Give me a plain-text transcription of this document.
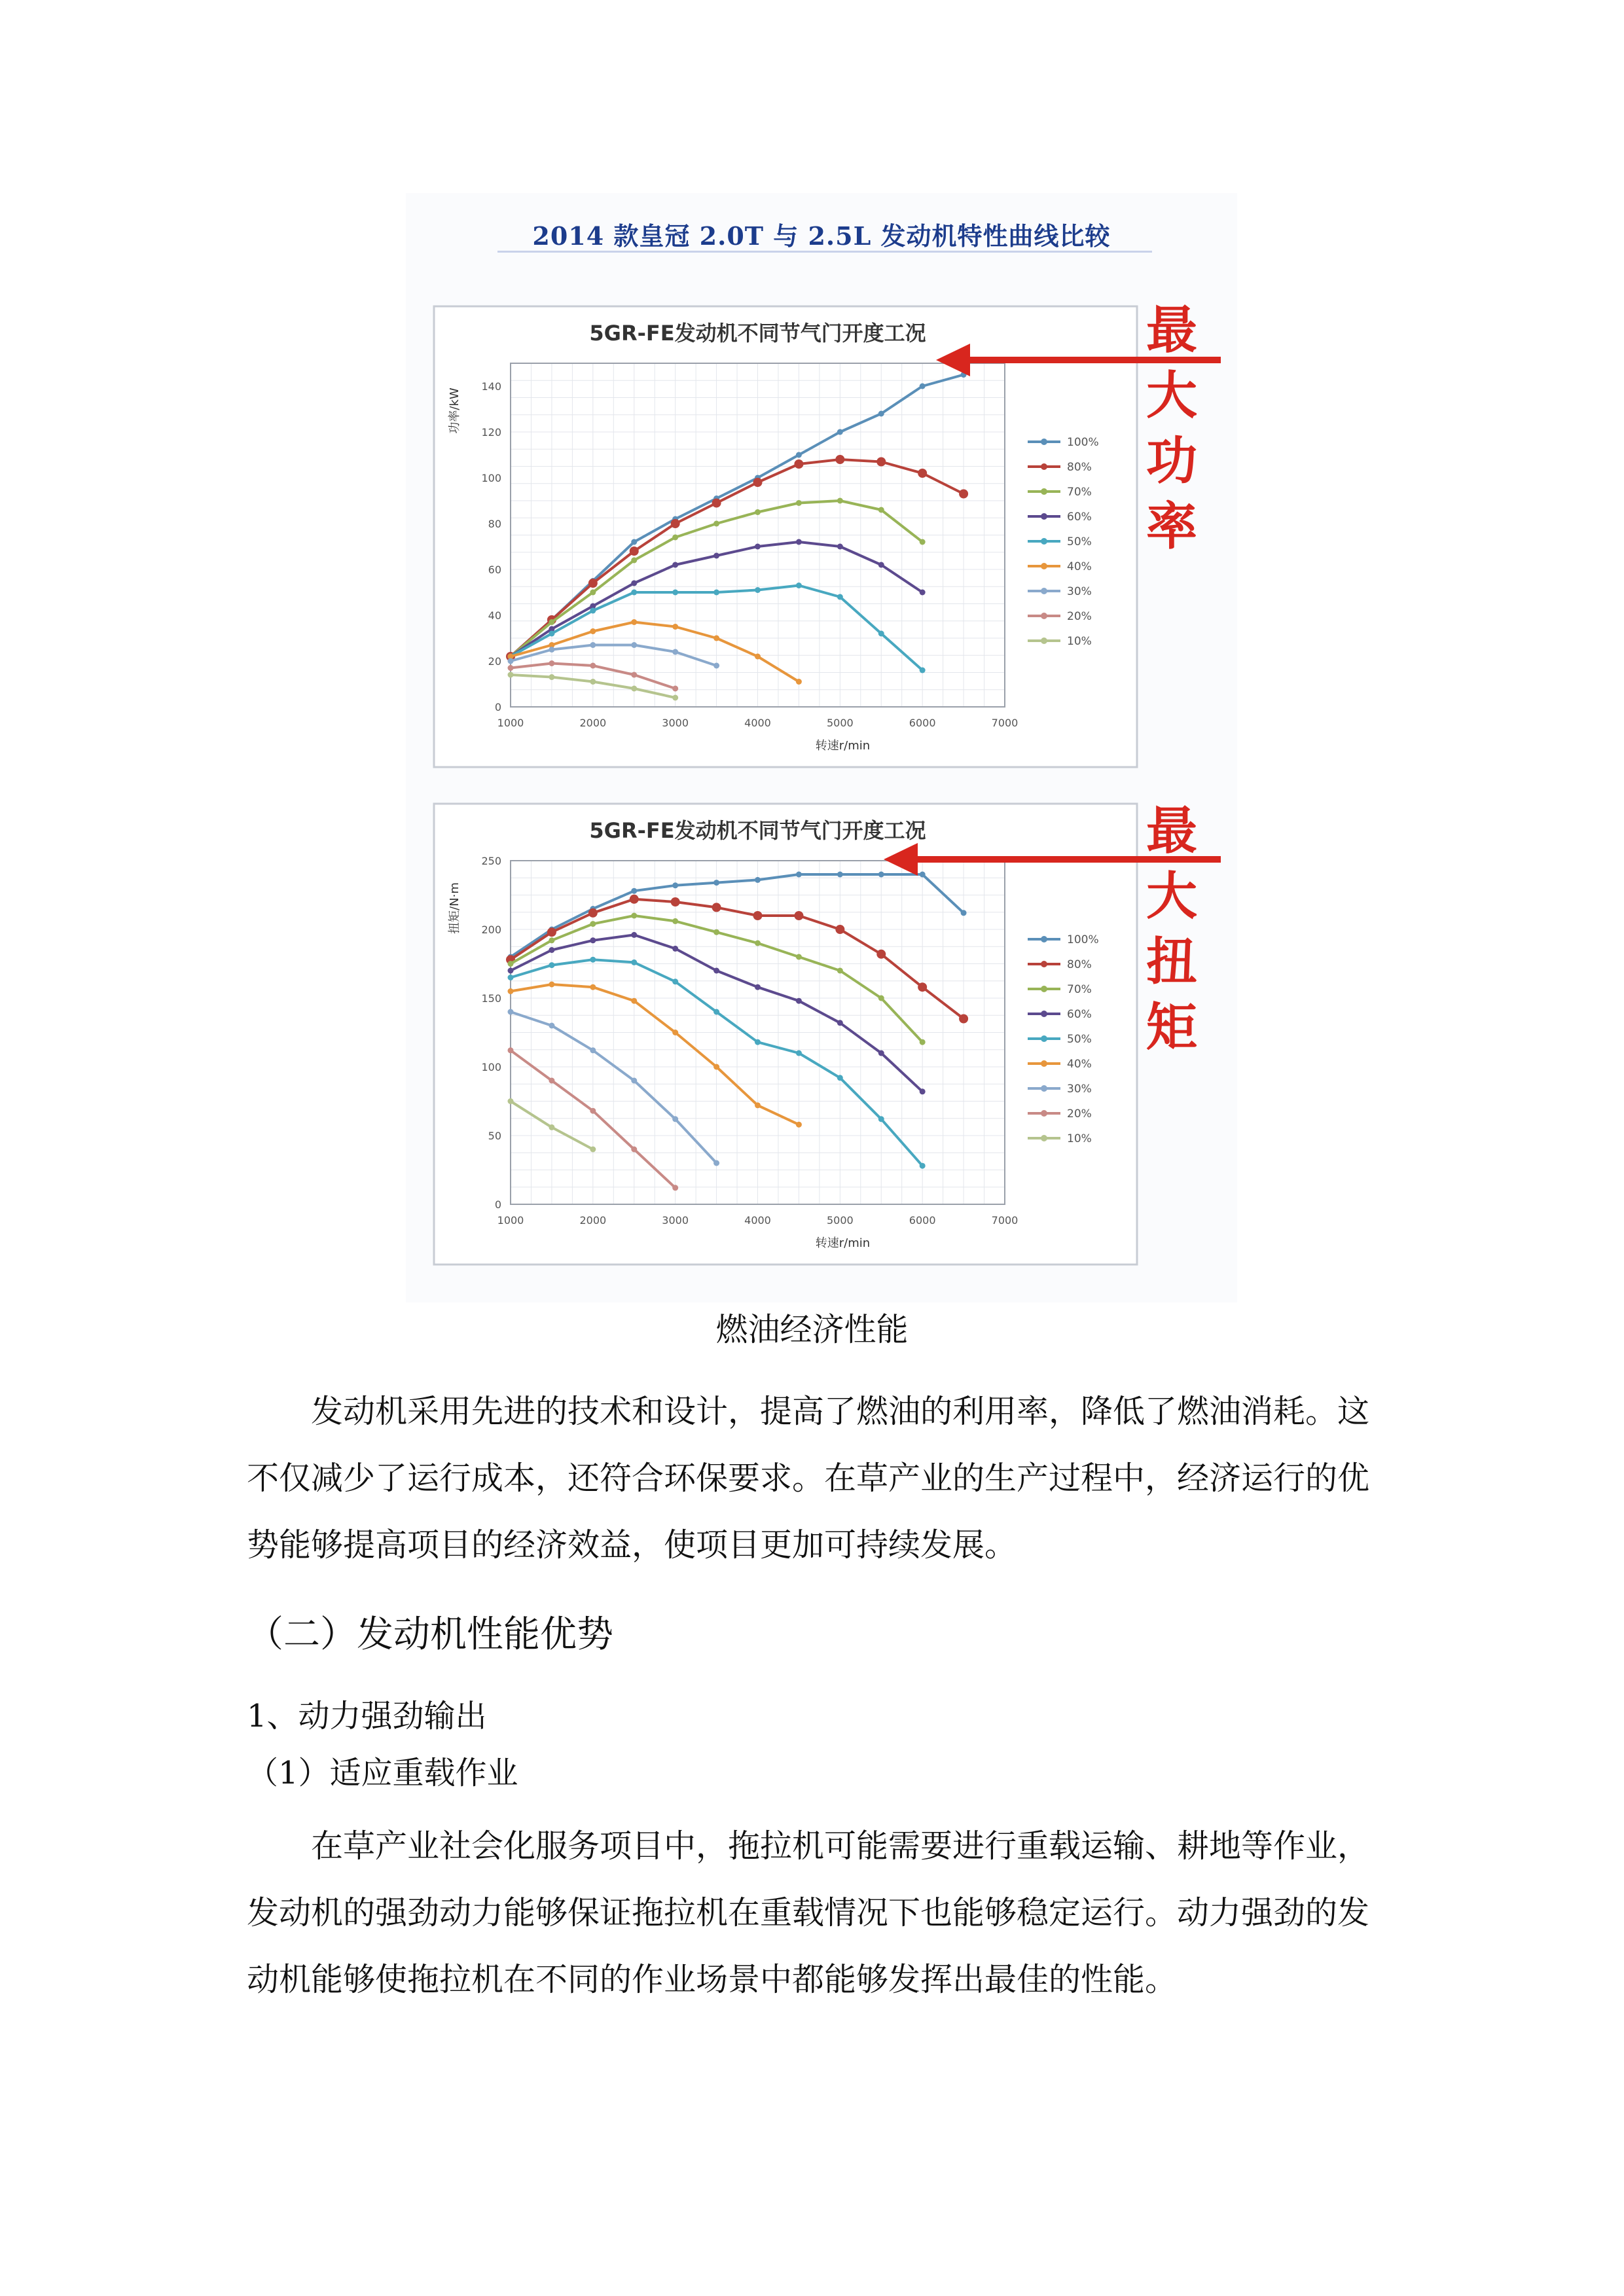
2014 款皇冠 2.0T 与 2.5L 发动机特性曲线比较
5GR-FE发动机不同节气门开度工况
1000	2000	3000	4000	5000	6000	7000
0
20
40
60
80
100
120
140
转速r/min
功率/kW
100%
80%
70%
60%
50%
40%
30%
20%
10%
5GR-FE发动机不同节气门开度工况
1000	2000	3000	4000	5000	6000	7000
0
50
100
150
200
250
转速r/min
扭矩/N·m
100%
80%
70%
60%
50%
40%
30%
20%
10%
最
大
功
率
最
大
扭
矩
燃油经济性能

发动机采用先进的技术和设计，提高了燃油的利用率，降低了燃油消耗。这不仅减少了运行成本，还符合环保要求。在草产业的生产过程中，经济运行的优势能够提高项目的经济效益，使项目更加可持续发展。

（二）发动机性能优势
1、动力强劲输出
（1）适应重载作业

在草产业社会化服务项目中，拖拉机可能需要进行重载运输、耕地等作业，发动机的强劲动力能够保证拖拉机在重载情况下也能够稳定运行。动力强劲的发动机能够使拖拉机在不同的作业场景中都能够发挥出最佳的性能。
